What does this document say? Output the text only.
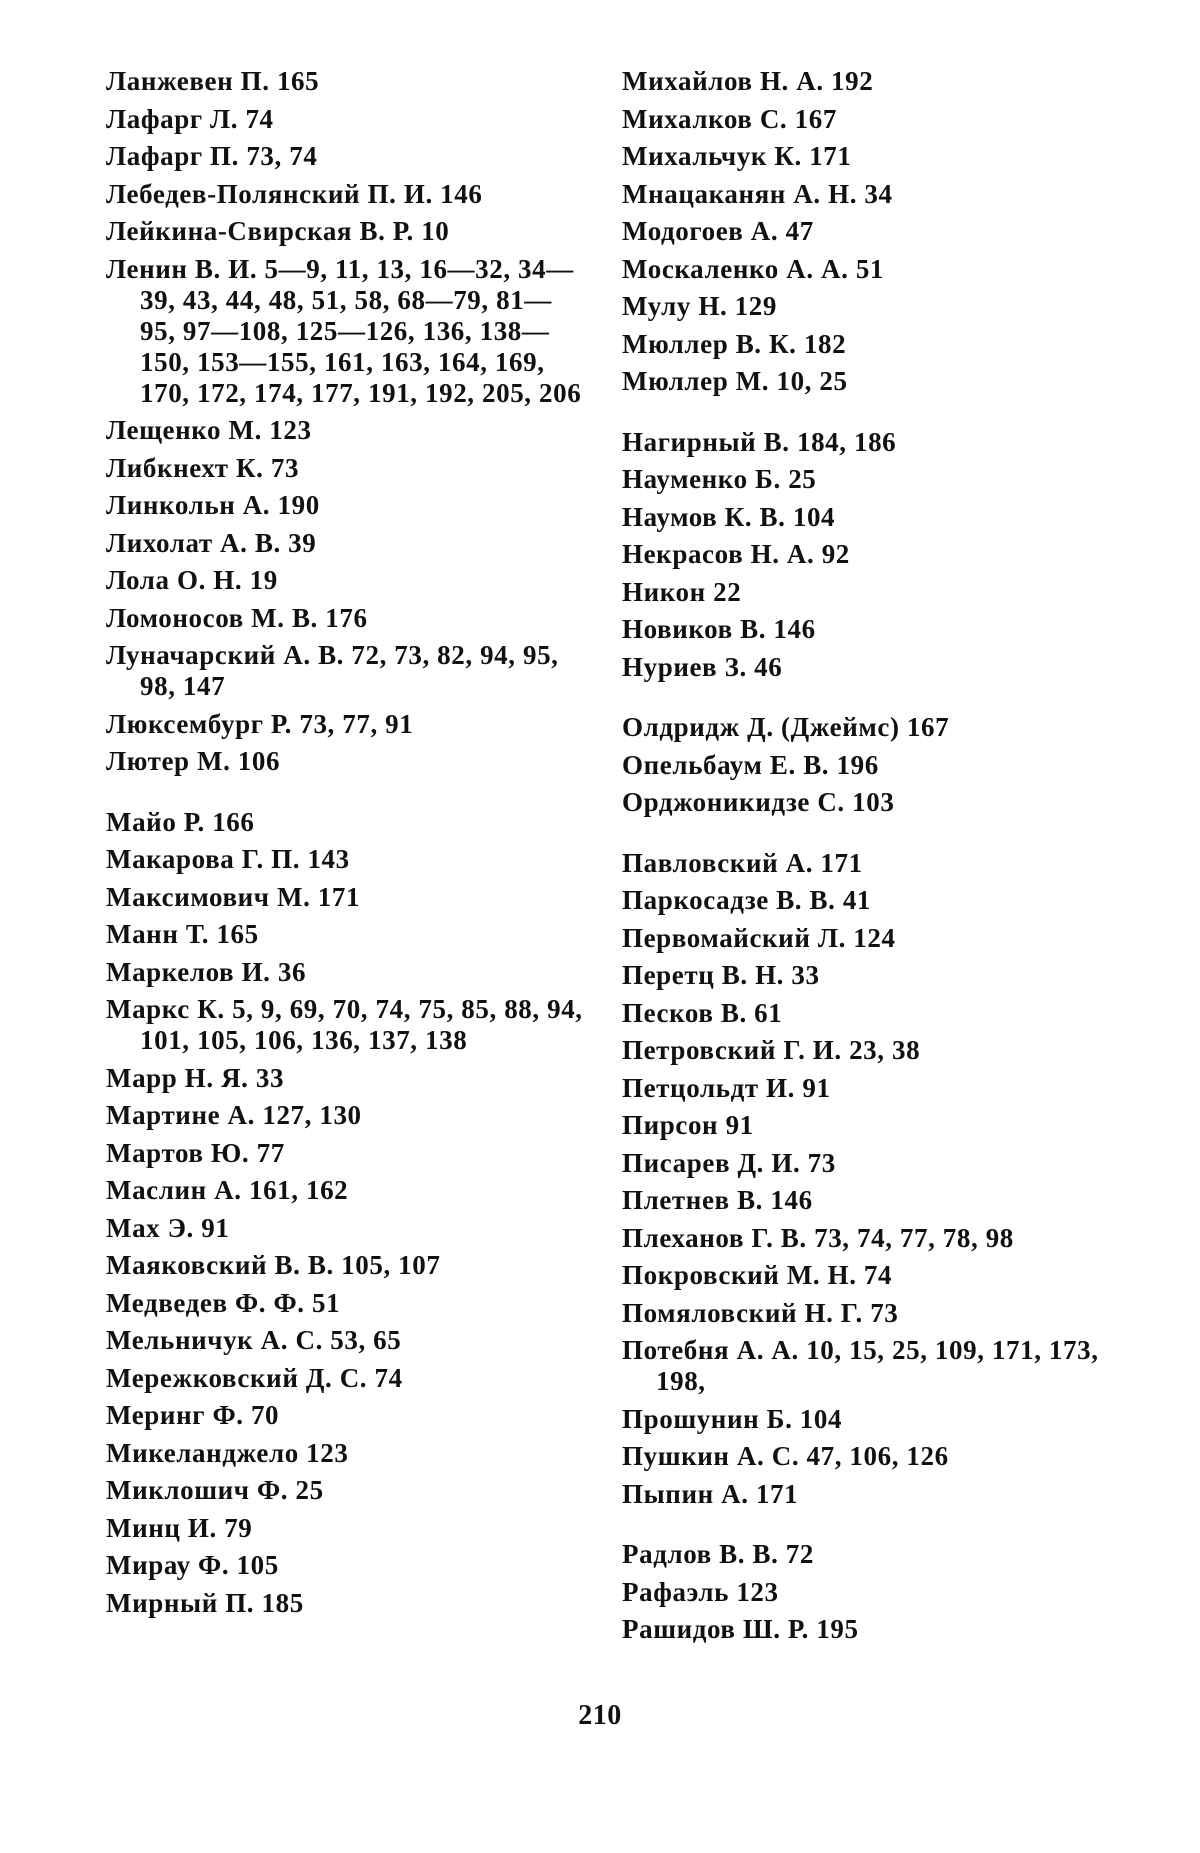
Лaнжевен П. 165
Лафарг Л. 74
Лафарг П. 73, 74
Лебедев-Полянский П. И. 146
Лейкина-Свирская В. Р. 10
Ленин В. И. 5—9, 11, 13, 16—32, 34—39, 43, 44, 48, 51, 58, 68—79, 81—95, 97—108, 125—126, 136, 138—150, 153—155, 161, 163, 164, 169, 170, 172, 174, 177, 191, 192, 205, 206
Лещенко М. 123
Либкнехт К. 73
Линкольн А. 190
Лихолат А. В. 39
Лола О. Н. 19
Ломоносов М. В. 176
Луначарский А. В. 72, 73, 82, 94, 95, 98, 147
Люксембург Р. 73, 77, 91
Лютер М. 106
Майо Р. 166
Макарова Г. П. 143
Максимович М. 171
Манн Т. 165
Маркелов И. 36
Маркс К. 5, 9, 69, 70, 74, 75, 85, 88, 94, 101, 105, 106, 136, 137, 138
Марр Н. Я. 33
Мартине А. 127, 130
Мартов Ю. 77
Маслин А. 161, 162
Мах Э. 91
Маяковский В. В. 105, 107
Медведев Ф. Ф. 51
Мельничук А. С. 53, 65
Мережковский Д. С. 74
Меринг Ф. 70
Микеланджело 123
Миклошич Ф. 25
Минц И. 79
Мирау Ф. 105
Мирный П. 185
Михайлов Н. А. 192
Михалков С. 167
Михальчук К. 171
Мнацаканян А. Н. 34
Модогоев А. 47
Москаленко А. А. 51
Мулу Н. 129
Мюллер В. К. 182
Мюллер М. 10, 25
Нагирный В. 184, 186
Науменко Б. 25
Наумов К. В. 104
Некрасов Н. А. 92
Никон 22
Новиков В. 146
Нуриев З. 46
Олдридж Д. (Джеймс) 167
Опельбаум Е. В. 196
Орджоникидзе С. 103
Павловский А. 171
Паркосадзе В. В. 41
Первомайский Л. 124
Перетц В. Н. 33
Песков В. 61
Петровский Г. И. 23, 38
Петцольдт И. 91
Пирсон 91
Писарев Д. И. 73
Плетнев В. 146
Плеханов Г. В. 73, 74, 77, 78, 98
Покровский М. Н. 74
Помяловский Н. Г. 73
Потебня А. А. 10, 15, 25, 109, 171, 173, 198,
Прошунин Б. 104
Пушкин А. С. 47, 106, 126
Пыпин А. 171
Радлов В. В. 72
Рафаэль 123
Рашидов Ш. Р. 195
210
